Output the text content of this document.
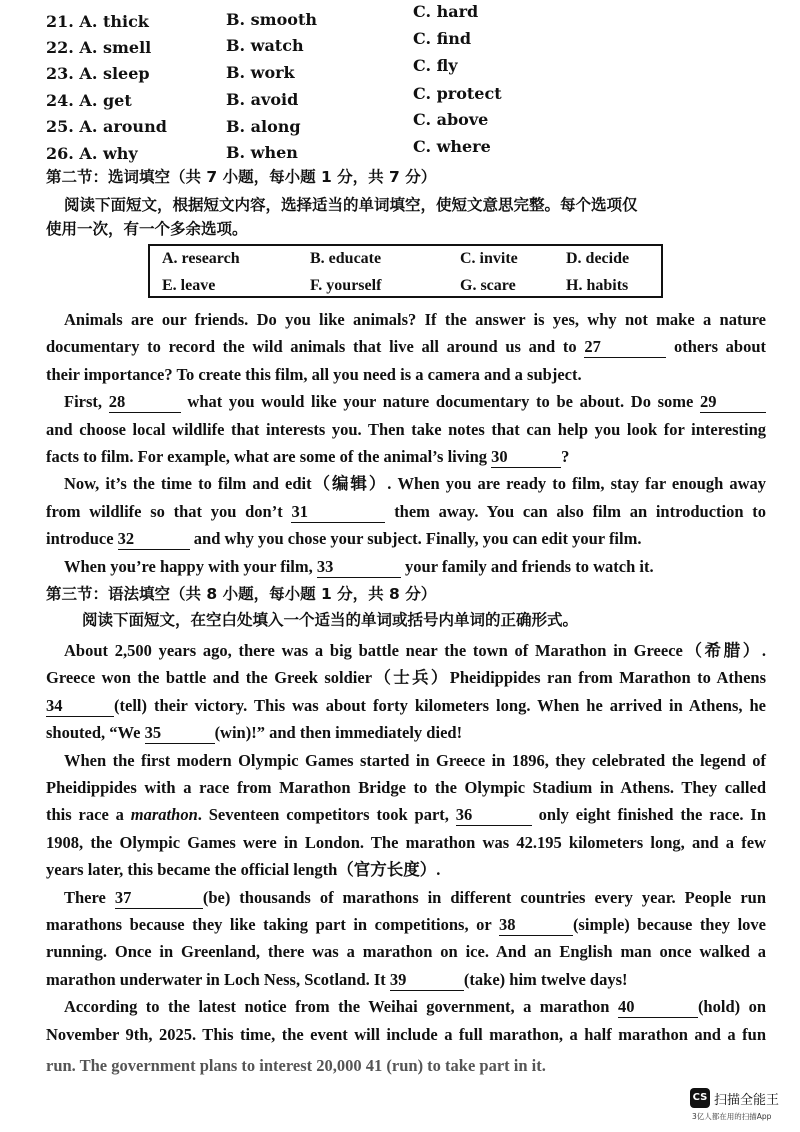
21. A. thick	B. smooth	C. hard
22. A. smell	B. watch	C. find
23. A. sleep	B. work	C. fly
24. A. get	B. avoid	C. protect
25. A. around	B. along	C. above
26. A. why	B. when	C. where
第二节：选词填空（共 7 小题，每小题 1 分，共 7 分）
阅读下面短文，根据短文内容，选择适当的单词填空，使短文意思完整。每个选项仅
使用一次，有一个多余选项。
A. research	B. educate	C. invite	D. decide
E. leave	F. yourself	G. scare	H. habits
Animals are our friends. Do you like animals? If the answer is yes, why not make a nature
documentary to record the wild animals that live all around us and to 27	others about
their importance? To create this film, all you need is a camera and a subject.
First, 28	what you would like your nature documentary to be about. Do some 29
and choose local wildlife that interests you. Then take notes that can help you look for interesting
facts to film. For example, what are some of the animal’s living 30	?
Now, it’s the time to film and edit（编辑）. When you are ready to film, stay far enough away
from wildlife so that you don’t 31	them away. You can also film an introduction to
introduce 32	and why you chose your subject. Finally, you can edit your film.
When you’re happy with your film, 33	your family and friends to watch it.
第三节：语法填空（共 8 小题，每小题 1 分，共 8 分）
阅读下面短文，在空白处填入一个适当的单词或括号内单词的正确形式。
About 2,500 years ago, there was a big battle near the town of Marathon in Greece（希腊）.
Greece won the battle and the Greek soldier（士兵）Pheidippides ran from Marathon to Athens
34	(tell) their victory. This was about forty kilometers long. When he arrived in Athens, he
shouted, “We 35	(win)!” and then immediately died!
When the first modern Olympic Games started in Greece in 1896, they celebrated the legend of
Pheidippides with a race from Marathon Bridge to the Olympic Stadium in Athens. They called
this race a marathon. Seventeen competitors took part, 36	only eight finished the race. In
1908, the Olympic Games were in London. The marathon was 42.195 kilometers long, and a few
years later, this became the official length（官方长度）.
There 37	(be) thousands of marathons in different countries every year. People run
marathons because they like taking part in competitions, or 38	(simple) because they love
running. Once in Greenland, there was a marathon on ice. And an English man once walked a
marathon underwater in Loch Ness, Scotland. It 39	(take) him twelve days!
According to the latest notice from the Weihai government, a marathon 40	(hold) on
November 9th, 2025. This time, the event will include a full marathon, a half marathon and a fun
run. The government plans to interest 20,000 41 (run) to take part in it.
CS 扫描全能王
3亿人都在用的扫描App
